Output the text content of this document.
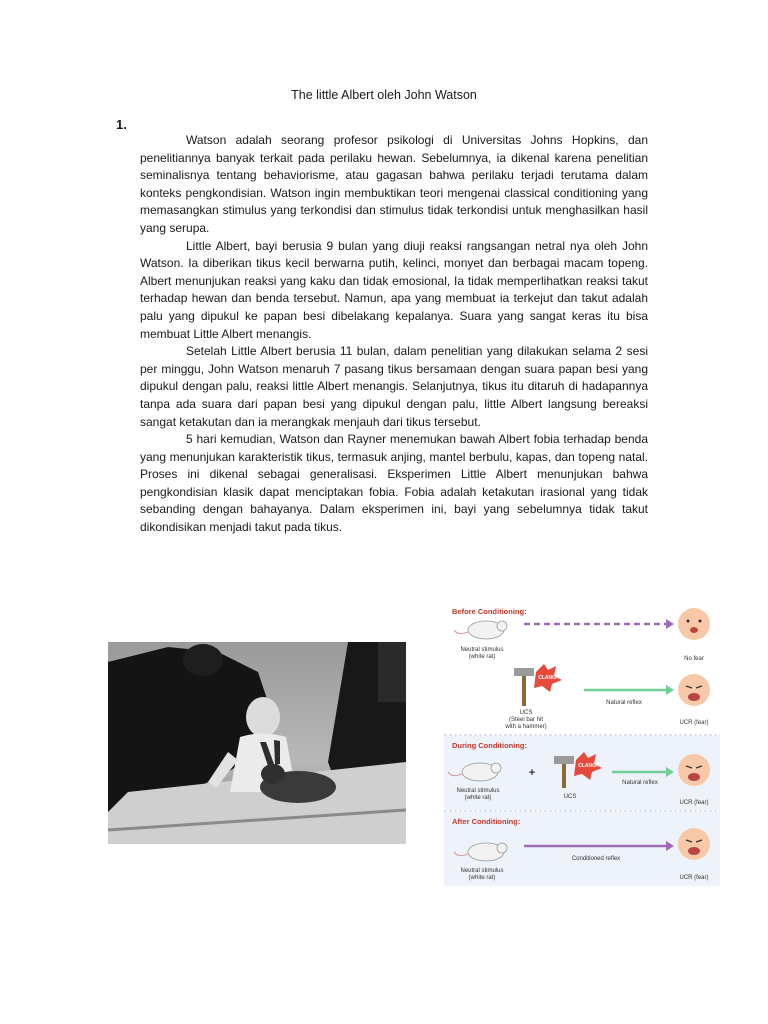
The little Albert oleh John Watson
1.

Watson adalah seorang profesor psikologi di Universitas Johns Hopkins, dan penelitiannya banyak terkait pada perilaku hewan. Sebelumnya, ia dikenal karena penelitian seminalisnya tentang behaviorisme, atau gagasan bahwa perilaku terjadi terutama dalam konteks pengkondisian. Watson ingin membuktikan teori mengenai classical conditioning yang memasangkan stimulus yang terkondisi dan stimulus tidak terkondisi untuk menghasilkan hasil yang serupa.

Little Albert, bayi berusia 9 bulan yang diuji reaksi rangsangan netral nya oleh John Watson. Ia diberikan tikus kecil berwarna putih, kelinci, monyet dan berbagai macam topeng. Albert menunjukan reaksi yang kaku dan tidak emosional, Ia tidak memperlihatkan reaksi takut terhadap hewan dan benda tersebut. Namun, apa yang membuat ia terkejut dan takut adalah palu yang dipukul ke papan besi dibelakang kepalanya. Suara yang sangat keras itu bisa membuat Little Albert menangis.

Setelah Little Albert berusia 11 bulan, dalam penelitian yang dilakukan selama 2 sesi per minggu, John Watson menaruh 7 pasang tikus bersamaan dengan suara papan besi yang dipukul dengan palu, reaksi little Albert menangis. Selanjutnya, tikus itu ditaruh di hadapannya tanpa ada suara dari papan besi yang dipukul dengan palu, little Albert langsung bereaksi sangat ketakutan dan ia merangkak menjauh dari tikus tersebut.

5 hari kemudian, Watson dan Rayner menemukan bawah Albert fobia terhadap benda yang menunjukan karakteristik tikus, termasuk anjing, mantel berbulu, kapas, dan topeng natal. Proses ini dikenal sebagai generalisasi. Eksperimen Little Albert menunjukan bahwa pengkondisian klasik dapat menciptakan fobia. Fobia adalah ketakutan irasional yang tidak sebanding dengan bahayanya. Dalam eksperimen ini, bayi yang sebelumnya tidak takut dikondisikan menjadi takut pada tikus.

Before Conditioning:
During Conditioning:
After Conditioning:
Neutral stimulus
(white rat)	No fear
CLANG!
UCS
(Steel bar hit
with a hammer)
Natural reflex
UCR (fear)
Neutral stimulus
(white rat)
+
CLANG!
UCS
Natural reflex
UCR (fear)
Neutral stimulus
(white rat)
Conditioned reflex
UCR (fear)
